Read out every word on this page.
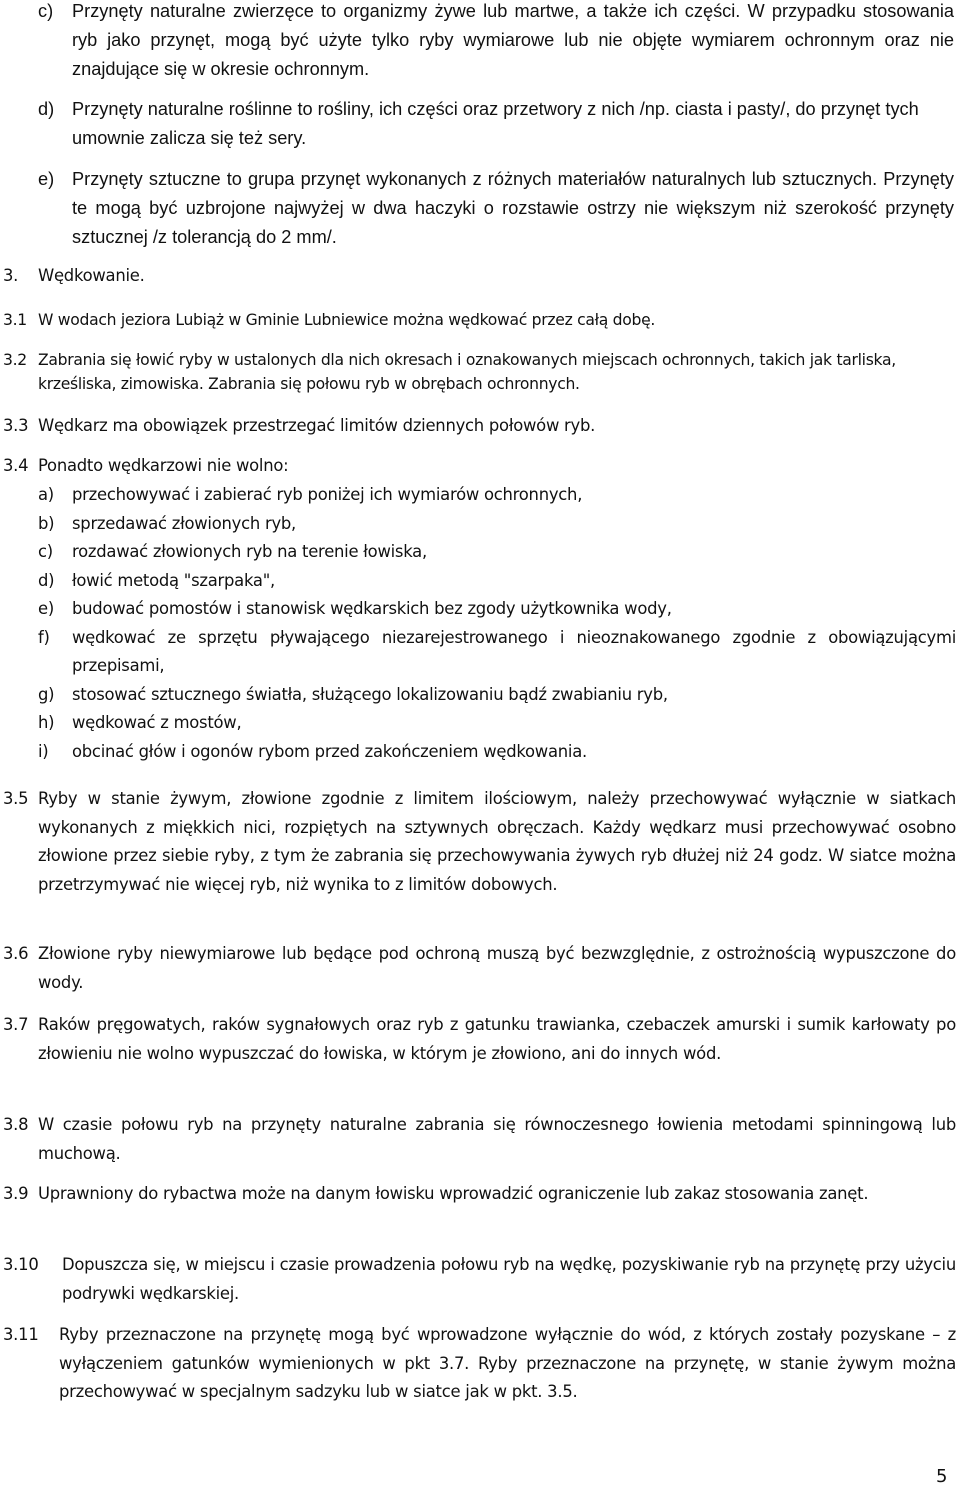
c)	Przynęty naturalne zwierzęce to organizmy żywe lub martwe, a także ich części. W przypadku stosowania ryb jako przynęt, mogą być użyte tylko ryby wymiarowe lub nie objęte wymiarem ochronnym oraz nie znajdujące się w okresie ochronnym.
d) Przynęty naturalne roślinne to rośliny, ich części oraz przetwory z nich /np. ciasta i pasty/, do przynęt tych umownie zalicza się też sery.
e) Przynęty sztuczne to grupa przynęt wykonanych z różnych materiałów naturalnych lub sztucznych. Przynęty te mogą być uzbrojone najwyżej w dwa haczyki o rozstawie ostrzy nie większym niż szerokość przynęty sztucznej /z tolerancją do 2 mm/.
3.	Wędkowanie.
3.1 W wodach jeziora Lubiąż w Gminie Lubniewice można wędkować przez całą dobę.
3.2 Zabrania się łowić ryby w ustalonych dla nich okresach i oznakowanych miejscach ochronnych, takich jak tarliska, krześliska, zimowiska. Zabrania się połowu ryb w obrębach ochronnych.
3.3 Wędkarz ma obowiązek przestrzegać limitów dziennych połowów ryb.
3.4 Ponadto wędkarzowi nie wolno:
a)	przechowywać i zabierać ryb poniżej ich wymiarów ochronnych,
b)	sprzedawać złowionych ryb,
c)	rozdawać złowionych ryb na terenie łowiska,
d)	łowić metodą "szarpaka",
e)	budować pomostów i stanowisk wędkarskich bez zgody użytkownika wody,
f)	wędkować ze sprzętu pływającego niezarejestrowanego i nieoznakowanego zgodnie z obowiązującymi przepisami,
g)	stosować sztucznego światła, służącego lokalizowaniu bądź zwabianiu ryb,
h)	wędkować z mostów,
i)	obcinać głów i ogonów rybom przed zakończeniem wędkowania.
3.5 Ryby w stanie żywym, złowione zgodnie z limitem ilościowym, należy przechowywać wyłącznie w siatkach wykonanych z miękkich nici, rozpiętych na sztywnych obręczach. Każdy wędkarz musi przechowywać osobno złowione przez siebie ryby, z tym że zabrania się przechowywania żywych ryb dłużej niż 24 godz. W siatce można przetrzymywać nie więcej ryb, niż wynika to z limitów dobowych.
3.6 Złowione ryby niewymiarowe lub będące pod ochroną muszą być bezwzględnie, z ostrożnością wypuszczone do wody.
3.7 Raków pręgowatych, raków sygnałowych oraz ryb z gatunku trawianka, czebaczek amurski i sumik karłowaty po złowieniu nie wolno wypuszczać do łowiska, w którym je złowiono, ani do innych wód.
3.8 W czasie połowu ryb na przynęty naturalne zabrania się równoczesnego łowienia metodami spinningową lub muchową.
3.9 Uprawniony do rybactwa może na danym łowisku wprowadzić ograniczenie lub zakaz stosowania zanęt.
3.10	Dopuszcza się, w miejscu i czasie prowadzenia połowu ryb na wędkę, pozyskiwanie ryb na przynętę przy użyciu podrywki wędkarskiej.
3.11	Ryby przeznaczone na przynętę mogą być wprowadzone wyłącznie do wód, z których zostały pozyskane – z wyłączeniem gatunków wymienionych w pkt 3.7. Ryby przeznaczone na przynętę, w stanie żywym można przechowywać w specjalnym sadzyku lub w siatce jak w pkt. 3.5.
5
